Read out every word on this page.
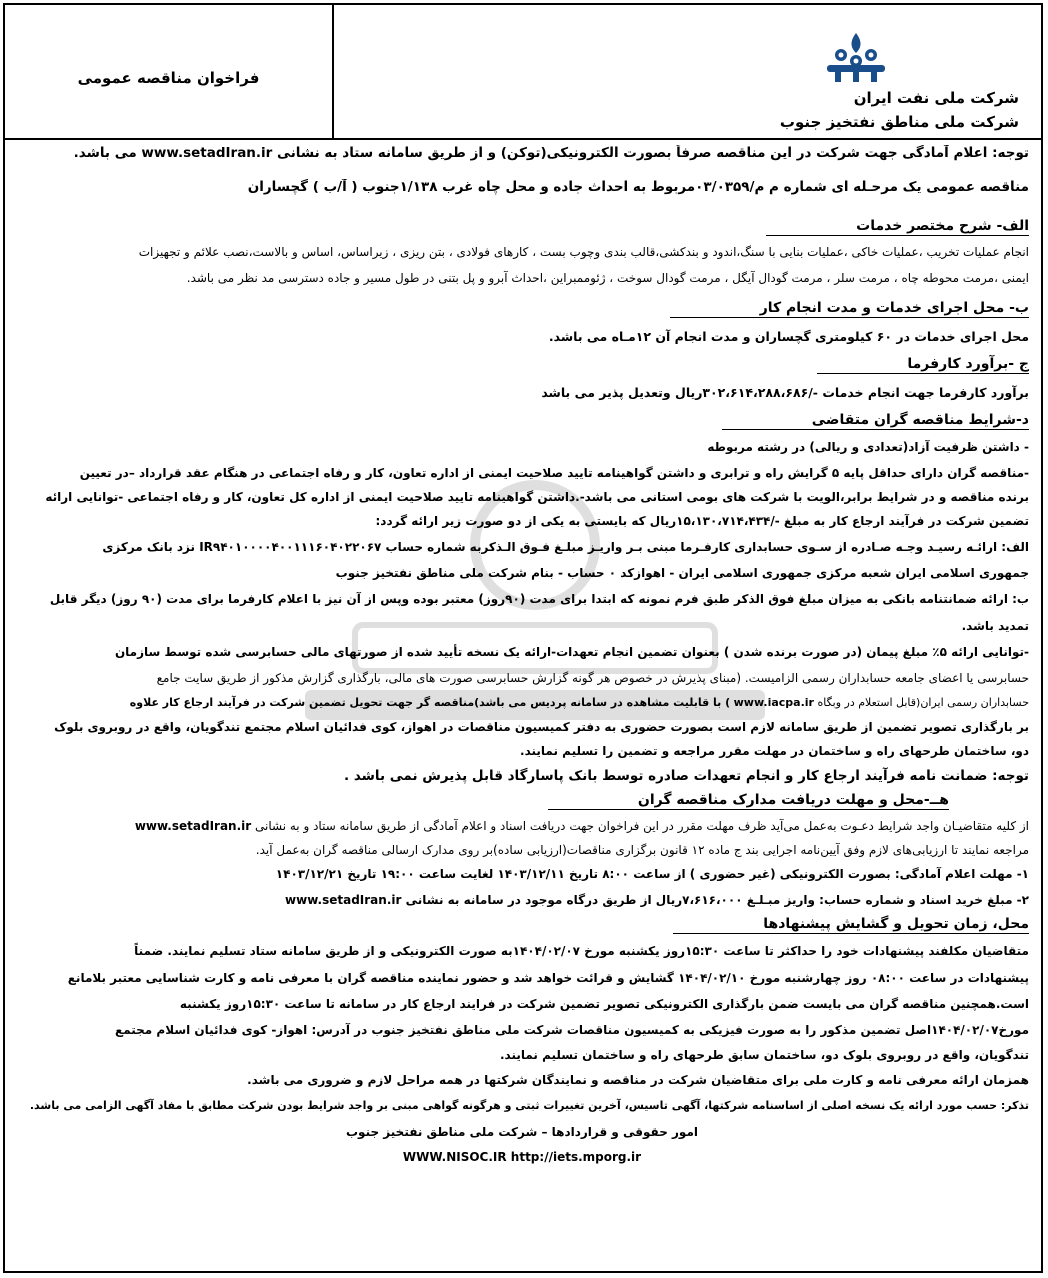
شرکت ملی نفت ایران
شرکت ملی مناطق نفتخیز جنوب
فراخوان مناقصه عمومی
توجه: اعلام آمادگی جهت شرکت در این مناقصه صرفاً بصورت الکترونیکی(توکن) و از طریق سامانه ستاد به نشانی www.setadIran.ir می باشد.
مناقصه عمومی یک مرحـله ای شماره م م/۰۳/۰۳۵۹مربوط به احداث جاده و محل چاه غرب ۱/۱۳۸جنوب ( آ/ب ) گچساران
الف- شرح مختصر خدمات
انجام عملیات تخریب ،عملیات خاکی ،عملیات بنایی با سنگ،اندود و بندکشی،قالب بندی وچوب بست ، کارهای فولادی ، بتن ریزی ، زیراساس، اساس و بالاست،نصب علائم و تجهیزات
ایمنی ،مرمت محوطه چاه ، مرمت سلر ، مرمت گودال آیگل ، مرمت گودال سوخت ، ژئوممبراین ،احداث آبرو و پل بتنی در طول مسیر و جاده دسترسی مد نظر می باشد.
ب- محل اجرای خدمات و مدت انجام کار
محل اجرای خدمات در ۶۰ کیلومتری گچساران و مدت انجام آن ۱۲مـاه می باشد.
ج -برآورد کارفرما
برآورد کارفرما جهت انجام خدمات -/۳۰۲،۶۱۴،۲۸۸،۶۸۶ریال وتعدیل پذیر می باشد
د-شرایط مناقصه گران متقاضی
- داشتن ظرفیت آزاد(تعدادی و ریالی) در رشته مربوطه
-مناقصه گران دارای حداقل پایه ۵ گرایش راه و ترابری و داشتن گواهینامه تایید صلاحیت ایمنی از اداره تعاون، کار و رفاه اجتماعی در هنگام عقد قرارداد –در تعیین
برنده مناقصه و در شرایط برابر،الویت با شرکت های بومی استانی می باشد-.داشتن گواهینامه تایید صلاحیت ایمنی از اداره کل تعاون، کار و رفاه اجتماعی -توانایی ارائه
تضمین شرکت در فرآیند ارجاع کار به مبلغ -/۱۵،۱۳۰،۷۱۴،۴۳۴ریال که بایستی به یکی از دو صورت زیر ارائه گردد:
الف: ارائـه رسیـد وجـه صـادره از سـوی حسابداری کارفـرما مبنی بـر واریـز مبلـغ فـوق الـذکربه شماره حساب IR۹۴۰۱۰۰۰۰۴۰۰۱۱۱۶۰۴۰۲۲۰۶۷ نزد بانک مرکزی
جمهوری اسلامی ایران شعبه مرکزی جمهوری اسلامی ایران - اهوازکد ۰ حساب - بنام شرکت ملی مناطق نفتخیز جنوب
ب: ارائه ضمانتنامه بانکی به میزان مبلغ فوق الذکر طبق فرم نمونه که ابتدا برای مدت (۹۰روز) معتبر بوده وپس از آن نیز با اعلام کارفرما برای مدت (۹۰ روز) دیگر قابل
تمدید باشد.
-توانایی ارائه ۵٪ مبلغ پیمان (در صورت برنده شدن ) بعنوان تضمین انجام تعهدات-ارائه یک نسخه تأیید شده از صورتهای مالی حسابرسی شده توسط سازمان
حسابرسی یا اعضای جامعه حسابداران رسمی الزامیست. (مبنای پذیرش در خصوص هر گونه گزارش حسابرسی صورت های مالی، بارگذاری گزارش مذکور از طریق سایت جامع
حسابداران رسمی ایران(قابل استعلام در وبگاه www.iacpa.ir ) با قابلیت مشاهده در سامانه پردیس می باشد)مناقصه گر جهت تحویل تضمین شرکت در فرآیند ارجاع کار علاوه
بر بارگذاری تصویر تضمین از طریق سامانه لازم است بصورت حضوری به دفتر کمیسیون مناقصات در اهواز، کوی فدائیان اسلام مجتمع تندگویان، واقع در روبروی بلوک
دو، ساختمان طرحهای راه و ساختمان در مهلت مقرر مراجعه و تضمین را تسلیم نمایند.
توجه: ضمانت نامه فرآیند ارجاع کار و انجام تعهدات صادره توسط بانک پاسارگاد قابل پذیرش نمی باشد .
هــ-محل و مهلت دریافت مدارک مناقصه گران
از کلیه متقاضیـان واجد شرایط دعـوت به‌عمل می‌آید ظرف مهلت مقرر در این فراخوان جهت دریافت اسناد و اعلام آمادگی از طریق سامانه ستاد و به نشانی www.setadIran.ir
مراجعه نمایند تا ارزیابی‌های لازم وفق آیین‌نامه اجرایی بند ج ماده ۱۲ قانون برگزاری مناقصات(ارزیابی ساده)بر روی مدارک ارسالی مناقصه گران به‌عمل آید.
۱- مهلت اعلام آمادگی: بصورت الکترونیکی (غیر حضوری ) از ساعت ۸:۰۰ تاریخ ۱۴۰۳/۱۲/۱۱ لغایت ساعت ۱۹:۰۰ تاریخ ۱۴۰۳/۱۲/۲۱
۲- مبلغ خرید اسناد و شماره حساب: واریز مبـلـغ ۷،۶۱۶،۰۰۰ریال از طریق درگاه موجود در سامانه به نشانی www.setadIran.ir
محل، زمان تحویل و گشایش پیشنهادها
متقاضیان مکلفند پیشنهادات خود را حداکثر تا ساعت ۱۵:۳۰روز یکشنبه مورخ ۱۴۰۴/۰۲/۰۷به صورت الکترونیکی و از طریق سامانه ستاد تسلیم نمایند. ضمناً
پیشنهادات در ساعت ۰۸:۰۰ روز چهارشنبه مورخ ۱۴۰۴/۰۲/۱۰ گشایش و قرائت خواهد شد و حضور نماینده مناقصه گران با معرفی نامه و کارت شناسایی معتبر بلامانع
است.همچنین مناقصه گران می بایست ضمن بارگذاری الکترونیکی تصویر تضمین شرکت در فرایند ارجاع کار در سامانه تا ساعت ۱۵:۳۰روز یکشنبه
مورخ۱۴۰۴/۰۲/۰۷اصل تضمین مذکور را به صورت فیزیکی به کمیسیون مناقصات شرکت ملی مناطق نفتخیز جنوب در آدرس: اهواز- کوی فدائیان اسلام مجتمع
تندگویان، واقع در روبروی بلوک دو، ساختمان سابق طرحهای راه و ساختمان تسلیم نمایند.
همزمان ارائه معرفی نامه و کارت ملی برای متقاضیان شرکت در مناقصه و نمایندگان شرکتها در همه مراحل لازم و ضروری می باشد.
تذکر: حسب مورد ارائه یک نسخه اصلی از اساسنامه شرکتها، آگهی تاسیس، آخرین تغییرات ثبتی و هرگونه گواهی مبنی بر واجد شرایط بودن شرکت مطابق با مفاد آگهی الزامی می باشد.
امور حقوقی و قراردادها – شرکت ملی مناطق نفتخیز جنوب
WWW.NISOC.IR http://iets.mporg.ir
